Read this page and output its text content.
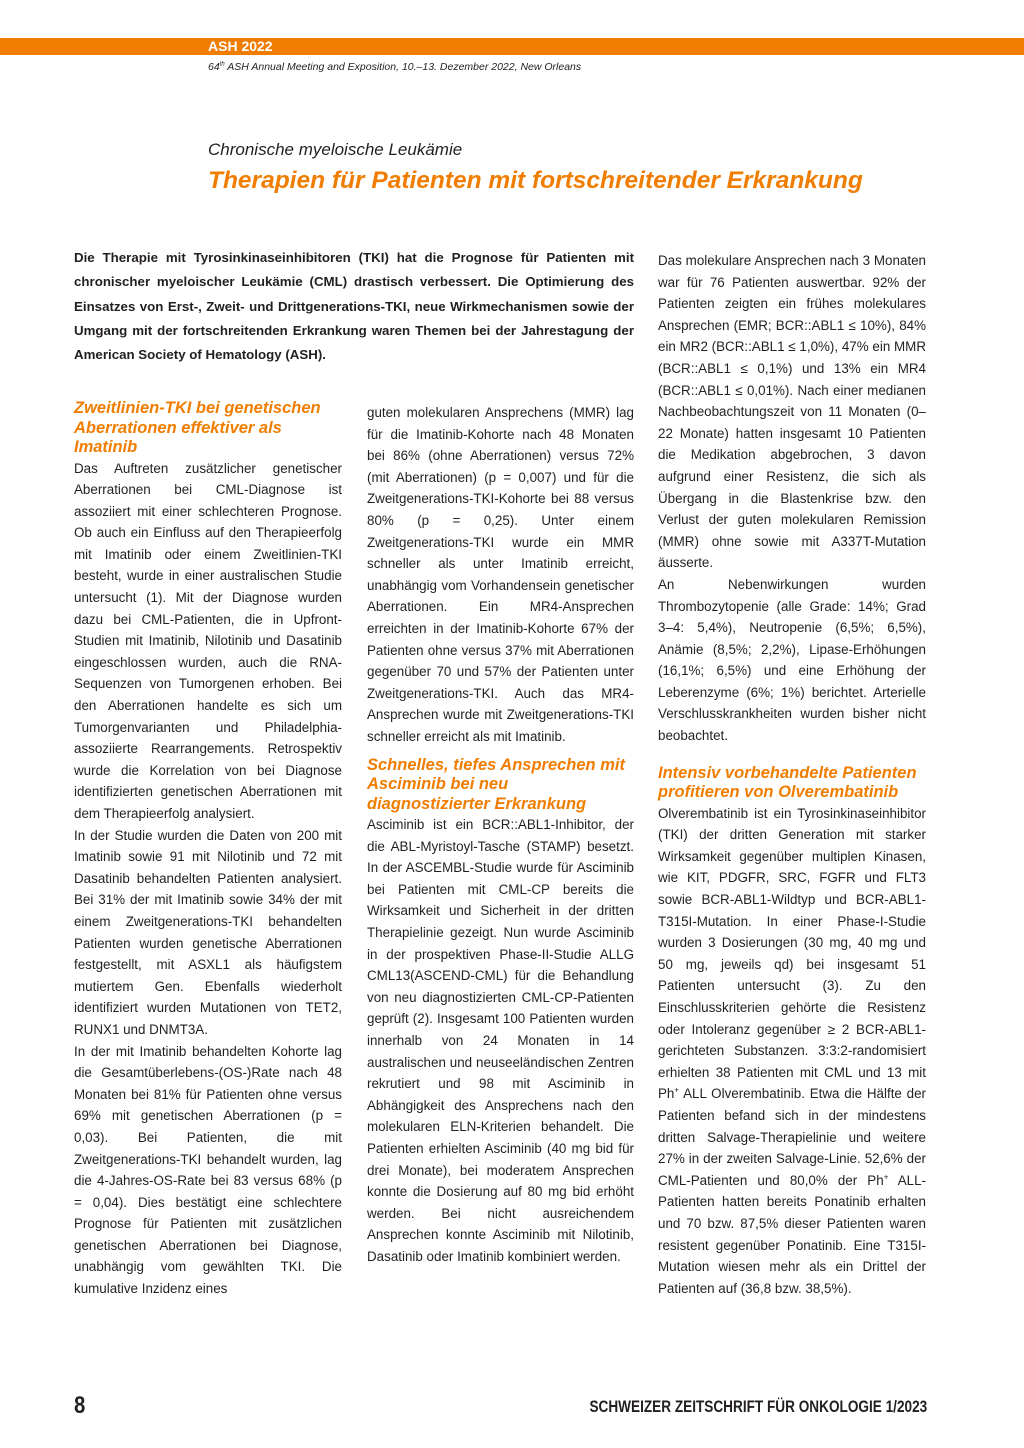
ASH 2022
64th ASH Annual Meeting and Exposition, 10.–13. Dezember 2022, New Orleans
Chronische myeloische Leukämie
Therapien für Patienten mit fortschreitender Erkrankung

Die Therapie mit Tyrosinkinaseinhibitoren (TKI) hat die Prognose für Patienten mit chronischer myeloischer Leukämie (CML) drastisch verbessert. Die Optimierung des Einsatzes von Erst-, Zweit- und Drittgenerations-TKI, neue Wirkmechanismen sowie der Umgang mit der fortschreitenden Erkrankung waren Themen bei der Jahrestagung der American Society of Hematology (ASH).

Zweitlinien-TKI bei genetischen Aberrationen effektiver als Imatinib

Das Auftreten zusätzlicher genetischer Aberrationen bei CML-Diagnose ist assoziiert mit einer schlechteren Prognose. Ob auch ein Einfluss auf den Therapieerfolg mit Imatinib oder einem Zweitlinien-TKI besteht, wurde in einer australischen Studie untersucht (1). Mit der Diagnose wurden dazu bei CML-Patienten, die in Upfront-Studien mit Imatinib, Nilotinib und Dasatinib eingeschlossen wurden, auch die RNA-Sequenzen von Tumorgenen erhoben. Bei den Aberrationen handelte es sich um Tumorgenvarianten und Philadelphia-assoziierte Rearrangements. Retrospektiv wurde die Korrelation von bei Diagnose identifizierten genetischen Aberrationen mit dem Therapieerfolg analysiert.

In der Studie wurden die Daten von 200 mit Imatinib sowie 91 mit Nilotinib und 72 mit Dasatinib behandelten Patienten analysiert. Bei 31% der mit Imatinib sowie 34% der mit einem Zweitgenerations-TKI behandelten Patienten wurden genetische Aberrationen festgestellt, mit ASXL1 als häufigstem mutiertem Gen. Ebenfalls wiederholt identifiziert wurden Mutationen von TET2, RUNX1 und DNMT3A.

In der mit Imatinib behandelten Kohorte lag die Gesamtüberlebens-(OS-)Rate nach 48 Monaten bei 81% für Patienten ohne versus 69% mit genetischen Aberrationen (p = 0,03). Bei Patienten, die mit Zweitgenerations-TKI behandelt wurden, lag die 4-Jahres-OS-Rate bei 83 versus 68% (p = 0,04). Dies bestätigt eine schlechtere Prognose für Patienten mit zusätzlichen genetischen Aberrationen bei Diagnose, unabhängig vom gewählten TKI. Die kumulative Inzidenz eines

guten molekularen Ansprechens (MMR) lag für die Imatinib-Kohorte nach 48 Monaten bei 86% (ohne Aberrationen) versus 72% (mit Aberrationen) (p = 0,007) und für die Zweitgenerations-TKI-Kohorte bei 88 versus 80% (p = 0,25). Unter einem Zweitgenerations-TKI wurde ein MMR schneller als unter Imatinib erreicht, unabhängig vom Vorhandensein genetischer Aberrationen. Ein MR4-Ansprechen erreichten in der Imatinib-Kohorte 67% der Patienten ohne versus 37% mit Aberrationen gegenüber 70 und 57% der Patienten unter Zweitgenerations-TKI. Auch das MR4-Ansprechen wurde mit Zweitgenerations-TKI schneller erreicht als mit Imatinib.

Schnelles, tiefes Ansprechen mit Asciminib bei neu diagnostizierter Erkrankung

Asciminib ist ein BCR::ABL1-Inhibitor, der die ABL-Myristoyl-Tasche (STAMP) besetzt. In der ASCEMBL-Studie wurde für Asciminib bei Patienten mit CML-CP bereits die Wirksamkeit und Sicherheit in der dritten Therapielinie gezeigt. Nun wurde Asciminib in der prospektiven Phase-II-Studie ALLG CML13(ASCEND-CML) für die Behandlung von neu diagnostizierten CML-CP-Patienten geprüft (2). Insgesamt 100 Patienten wurden innerhalb von 24 Monaten in 14 australischen und neuseeländischen Zentren rekrutiert und 98 mit Asciminib in Abhängigkeit des Ansprechens nach den molekularen ELN-Kriterien behandelt. Die Patienten erhielten Asciminib (40 mg bid für drei Monate), bei moderatem Ansprechen konnte die Dosierung auf 80 mg bid erhöht werden. Bei nicht ausreichendem Ansprechen konnte Asciminib mit Nilotinib, Dasatinib oder Imatinib kombiniert werden.

Das molekulare Ansprechen nach 3 Monaten war für 76 Patienten auswertbar. 92% der Patienten zeigten ein frühes molekulares Ansprechen (EMR; BCR::ABL1 ≤ 10%), 84% ein MR2 (BCR::ABL1 ≤ 1,0%), 47% ein MMR (BCR::ABL1 ≤ 0,1%) und 13% ein MR4 (BCR::ABL1 ≤ 0,01%). Nach einer medianen Nachbeobachtungszeit von 11 Monaten (0–22 Monate) hatten insgesamt 10 Patienten die Medikation abgebrochen, 3 davon aufgrund einer Resistenz, die sich als Übergang in die Blastenkrise bzw. den Verlust der guten molekularen Remission (MMR) ohne sowie mit A337T-Mutation äusserte.

An Nebenwirkungen wurden Thrombozytopenie (alle Grade: 14%; Grad 3–4: 5,4%), Neutropenie (6,5%; 6,5%), Anämie (8,5%; 2,2%), Lipase-Erhöhungen (16,1%; 6,5%) und eine Erhöhung der Leberenzyme (6%; 1%) berichtet. Arterielle Verschlusskrankheiten wurden bisher nicht beobachtet.

Intensiv vorbehandelte Patienten profitieren von Olverembatinib

Olverembatinib ist ein Tyrosinkinaseinhibitor (TKI) der dritten Generation mit starker Wirksamkeit gegenüber multiplen Kinasen, wie KIT, PDGFR, SRC, FGFR und FLT3 sowie BCR-ABL1-Wildtyp und BCR-ABL1-T315I-Mutation. In einer Phase-I-Studie wurden 3 Dosierungen (30 mg, 40 mg und 50 mg, jeweils qd) bei insgesamt 51 Patienten untersucht (3). Zu den Einschlusskriterien gehörte die Resistenz oder Intoleranz gegenüber ≥ 2 BCR-ABL1-gerichteten Substanzen. 3:3:2-randomisiert erhielten 38 Patienten mit CML und 13 mit Ph+ ALL Olverembatinib. Etwa die Hälfte der Patienten befand sich in der mindestens dritten Salvage-Therapielinie und weitere 27% in der zweiten Salvage-Linie. 52,6% der CML-Patienten und 80,0% der Ph+ ALL-Patienten hatten bereits Ponatinib erhalten und 70 bzw. 87,5% dieser Patienten waren resistent gegenüber Ponatinib. Eine T315I-Mutation wiesen mehr als ein Drittel der Patienten auf (36,8 bzw. 38,5%).

8	SCHWEIZER ZEITSCHRIFT FÜR ONKOLOGIE 1/2023
